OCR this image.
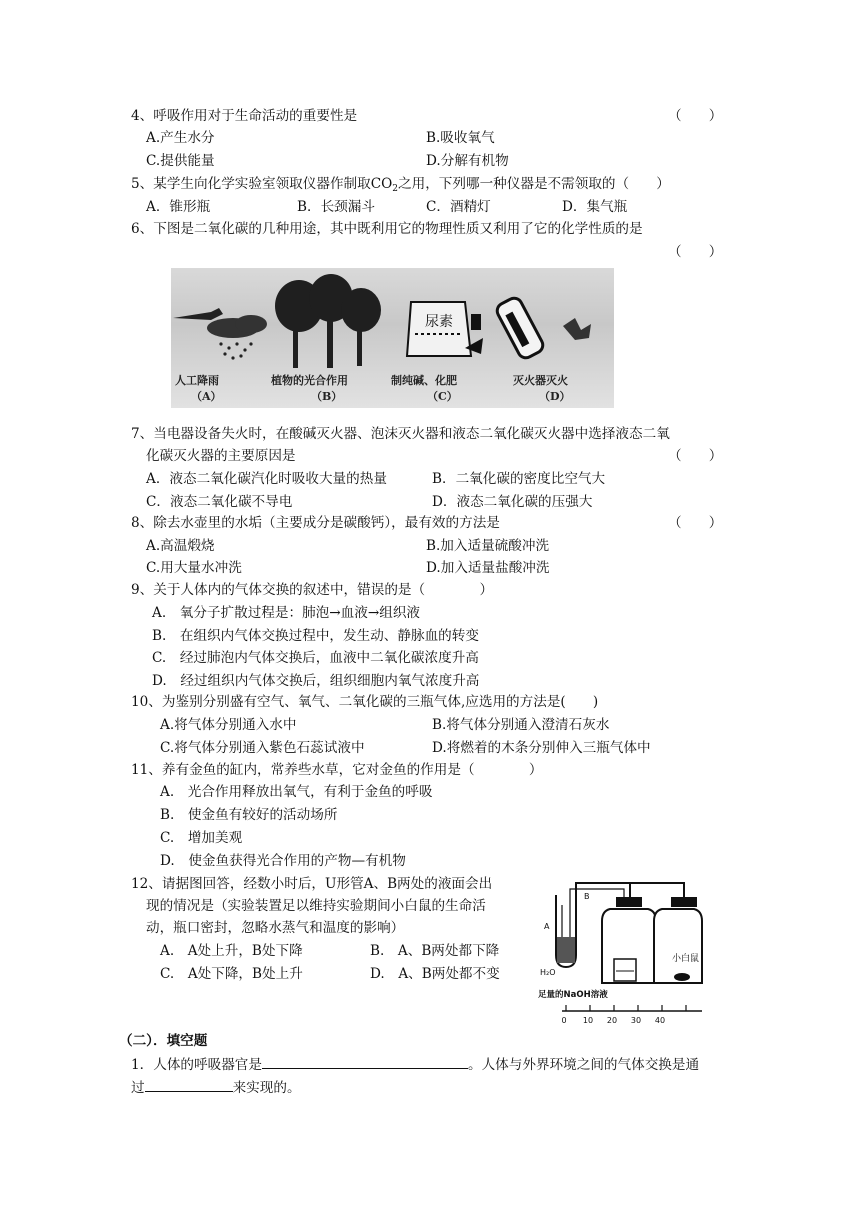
4、呼吸作用对于生命活动的重要性是	（　　）
A.产生水分	B.吸收氧气
C.提供能量	D.分解有机物
5、某学生向化学实验室领取仪器作制取$CO_2$之用，下列哪一种仪器是不需领取的（　　）
A．锥形瓶	B．长颈漏斗	C．酒精灯	D．集气瓶
6、下图是二氧化碳的几种用途，其中既利用它的物理性质又利用了它的化学性质的是
（　　）
尿素
人工降雨
（A）
植物的光合作用
（B）
制纯碱、化肥
（C）
灭火器灭火
（D）
7、当电器设备失火时，在酸碱灭火器、泡沫灭火器和液态二氧化碳灭火器中选择液态二氧
化碳灭火器的主要原因是	（　　）
A．液态二氧化碳汽化时吸收大量的热量	B．二氧化碳的密度比空气大
C．液态二氧化碳不导电	D．液态二氧化碳的压强大
8、除去水壶里的水垢（主要成分是碳酸钙），最有效的方法是	（　　）
A.高温煅烧	B.加入适量硫酸冲洗
C.用大量水冲洗	D.加入适量盐酸冲洗
9、关于人体内的气体交换的叙述中，错误的是（　　　　）
A.　氧分子扩散过程是：肺泡→血液→组织液
B.　在组织内气体交换过程中，发生动、静脉血的转变
C.　经过肺泡内气体交换后，血液中二氧化碳浓度升高
D.　经过组织内气体交换后，组织细胞内氧气浓度升高
10、为鉴别分别盛有空气、氧气、二氧化碳的三瓶气体,应选用的方法是(　　)
A.将气体分别通入水中	B.将气体分别通入澄清石灰水
C.将气体分别通入紫色石蕊试液中	D.将燃着的木条分别伸入三瓶气体中
11、养有金鱼的缸内，常养些水草，它对金鱼的作用是（　　　　）
A.　光合作用释放出氧气，有利于金鱼的呼吸
B.　使金鱼有较好的活动场所
C.　增加美观
D.　使金鱼获得光合作用的产物—有机物
12、请据图回答，经数小时后，U形管A、B两处的液面会出
现的情况是（实验装置足以维持实验期间小白鼠的生命活
动，瓶口密封，忽略水蒸气和温度的影响）
A.　A处上升，B处下降	B.　A、B两处都下降
C.　A处下降，B处上升	D.　A、B两处都不变
A
B
H₂O
小白鼠
足量的NaOH溶液
0 10 20 30 40
（二）．填空题
1．人体的呼吸器官是	。人体与外界环境之间的气体交换是通
过	来实现的。
